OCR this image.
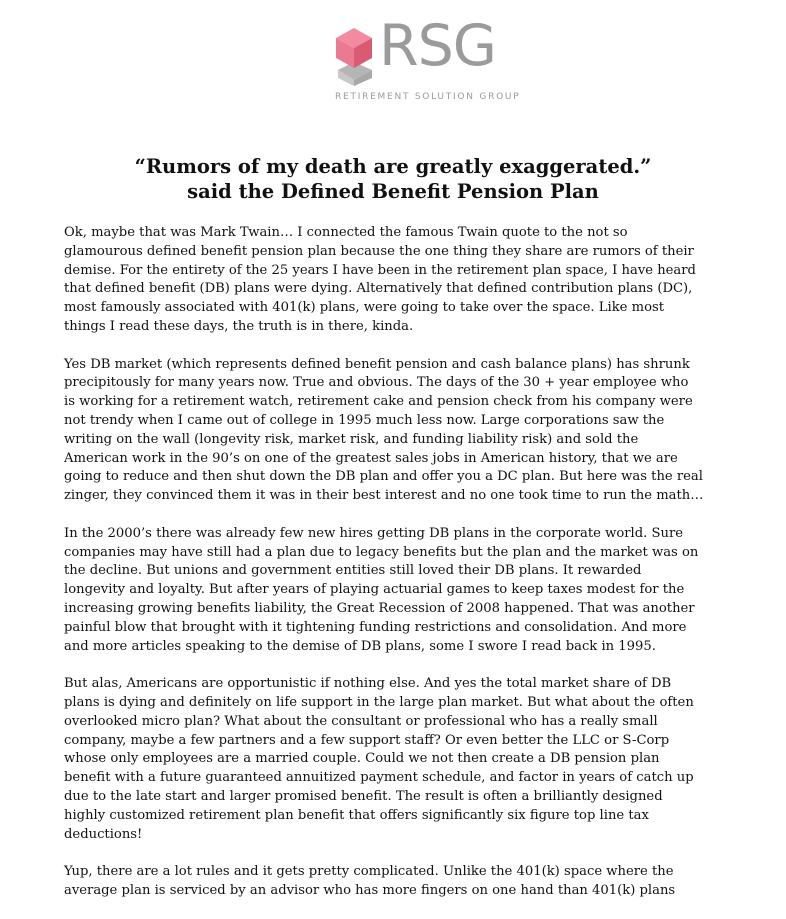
RSG
RETIREMENT SOLUTION GROUP
“Rumors of my death are greatly exaggerated.”
said the Defined Benefit Pension Plan
Ok, maybe that was Mark Twain… I connected the famous Twain quote to the not so
glamourous defined benefit pension plan because the one thing they share are rumors of their
demise. For the entirety of the 25 years I have been in the retirement plan space, I have heard
that defined benefit (DB) plans were dying. Alternatively that defined contribution plans (DC),
most famously associated with 401(k) plans, were going to take over the space. Like most
things I read these days, the truth is in there, kinda.
Yes DB market (which represents defined benefit pension and cash balance plans) has shrunk
precipitously for many years now. True and obvious. The days of the 30 + year employee who
is working for a retirement watch, retirement cake and pension check from his company were
not trendy when I came out of college in 1995 much less now. Large corporations saw the
writing on the wall (longevity risk, market risk, and funding liability risk) and sold the
American work in the 90’s on one of the greatest sales jobs in American history, that we are
going to reduce and then shut down the DB plan and offer you a DC plan. But here was the real
zinger, they convinced them it was in their best interest and no one took time to run the math…
In the 2000’s there was already few new hires getting DB plans in the corporate world. Sure
companies may have still had a plan due to legacy benefits but the plan and the market was on
the decline. But unions and government entities still loved their DB plans. It rewarded
longevity and loyalty. But after years of playing actuarial games to keep taxes modest for the
increasing growing benefits liability, the Great Recession of 2008 happened. That was another
painful blow that brought with it tightening funding restrictions and consolidation. And more
and more articles speaking to the demise of DB plans, some I swore I read back in 1995.
But alas, Americans are opportunistic if nothing else. And yes the total market share of DB
plans is dying and definitely on life support in the large plan market. But what about the often
overlooked micro plan? What about the consultant or professional who has a really small
company, maybe a few partners and a few support staff? Or even better the LLC or S-Corp
whose only employees are a married couple. Could we not then create a DB pension plan
benefit with a future guaranteed annuitized payment schedule, and factor in years of catch up
due to the late start and larger promised benefit. The result is often a brilliantly designed
highly customized retirement plan benefit that offers significantly six figure top line tax
deductions!
Yup, there are a lot rules and it gets pretty complicated. Unlike the 401(k) space where the
average plan is serviced by an advisor who has more fingers on one hand than 401(k) plans
